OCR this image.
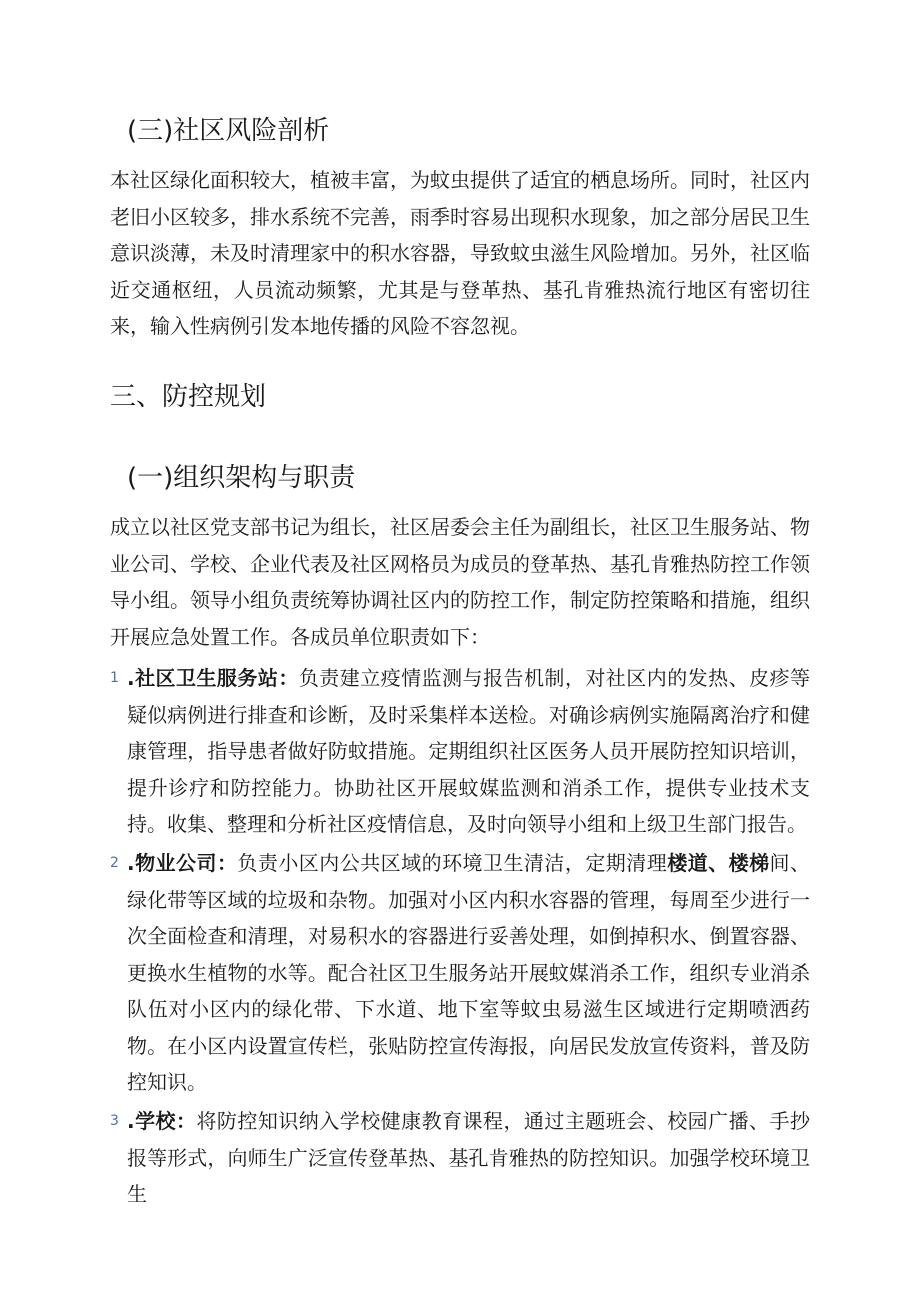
(三)社区风险剖析

本社区绿化面积较大，植被丰富，为蚊虫提供了适宜的栖息场所。同时，社区内老旧小区较多，排水系统不完善，雨季时容易出现积水现象，加之部分居民卫生意识淡薄，未及时清理家中的积水容器，导致蚊虫滋生风险增加。另外，社区临近交通枢纽，人员流动频繁，尤其是与登革热、基孔肯雅热流行地区有密切往来，输入性病例引发本地传播的风险不容忽视。

三、防控规划
(一)组织架构与职责

成立以社区党支部书记为组长，社区居委会主任为副组长，社区卫生服务站、物业公司、学校、企业代表及社区网格员为成员的登革热、基孔肯雅热防控工作领导小组。领导小组负责统筹协调社区内的防控工作，制定防控策略和措施，组织开展应急处置工作。各成员单位职责如下：

1 .社区卫生服务站：负责建立疫情监测与报告机制，对社区内的发热、皮疹等疑似病例进行排查和诊断，及时采集样本送检。对确诊病例实施隔离治疗和健康管理，指导患者做好防蚊措施。定期组织社区医务人员开展防控知识培训，提升诊疗和防控能力。协助社区开展蚊媒监测和消杀工作，提供专业技术支持。收集、整理和分析社区疫情信息，及时向领导小组和上级卫生部门报告。
2 .物业公司：负责小区内公共区域的环境卫生清洁，定期清理楼道、楼梯间、绿化带等区域的垃圾和杂物。加强对小区内积水容器的管理，每周至少进行一次全面检查和清理，对易积水的容器进行妥善处理，如倒掉积水、倒置容器、更换水生植物的水等。配合社区卫生服务站开展蚊媒消杀工作，组织专业消杀队伍对小区内的绿化带、下水道、地下室等蚊虫易滋生区域进行定期喷洒药物。在小区内设置宣传栏，张贴防控宣传海报，向居民发放宣传资料，普及防控知识。
3 .学校：将防控知识纳入学校健康教育课程，通过主题班会、校园广播、手抄报等形式，向师生广泛宣传登革热、基孔肯雅热的防控知识。加强学校环境卫生
